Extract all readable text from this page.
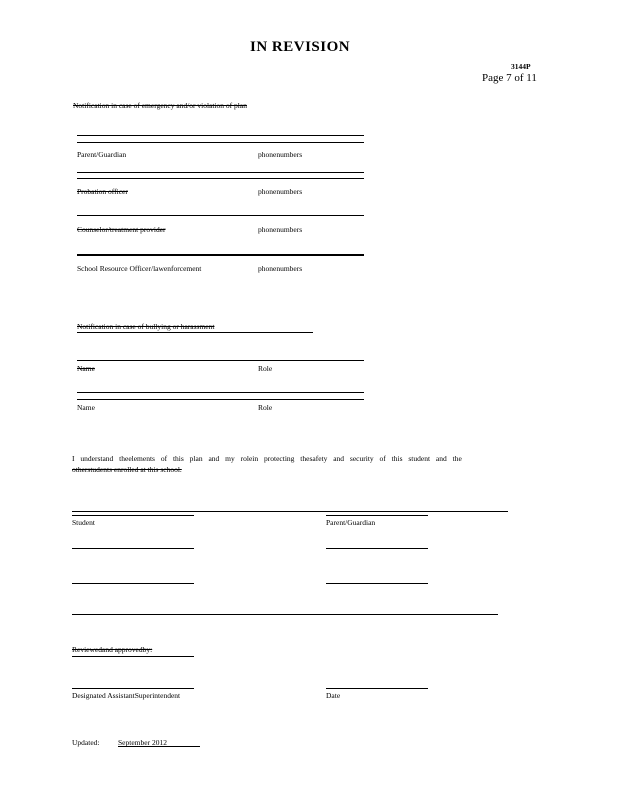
IN REVISION
3144P
Page 7 of 11
Notification in case of emergency and/or violation of plan
Parent/Guardian	phonenumbers
Probation officer	phonenumbers
Counselor/treatment provider	phonenumbers
School Resource Officer/lawenforcement	phonenumbers
Notification in case of bullying or harassment
Name	Role
Name	Role
I understand theelements of this plan and my rolein protecting thesafety and security of this student and the
otherstudents enrolled at this school.
Student	Parent/Guardian
Reviewedand approvedby:
Designated AssistantSuperintendent	Date
Updated: September 2012
